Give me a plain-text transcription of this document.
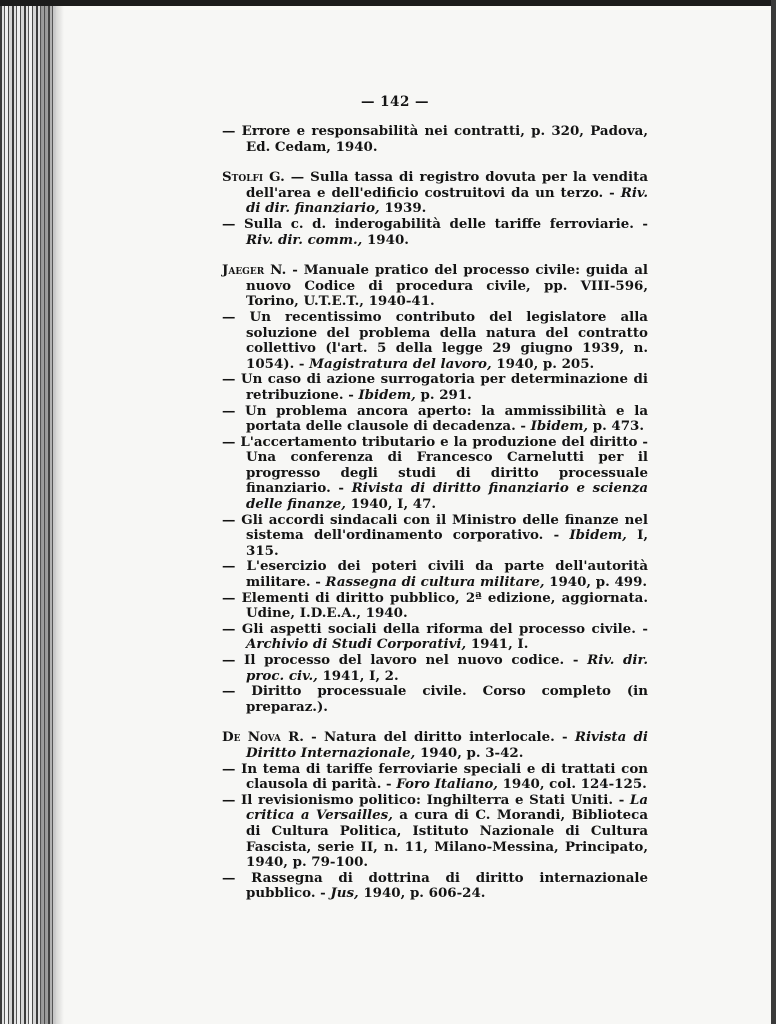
— 142 —

— Errore e responsabilità nei contratti, p. 320, Padova, Ed. Cedam, 1940.

Stolfi G. — Sulla tassa di registro dovuta per la vendita dell'area e dell'edificio costruitovi da un terzo. - Riv. di dir. finanziario, 1939.

— Sulla c. d. inderogabilità delle tariffe ferroviarie. - Riv. dir. comm., 1940.

Jaeger N. - Manuale pratico del processo civile: guida al nuovo Codice di procedura civile, pp. VIII-596, Torino, U.T.E.T., 1940-41.

— Un recentissimo contributo del legislatore alla soluzione del problema della natura del contratto collettivo (l'art. 5 della legge 29 giugno 1939, n. 1054). - Magistratura del lavoro, 1940, p. 205.

— Un caso di azione surrogatoria per determinazione di retribuzione. - Ibidem, p. 291.

— Un problema ancora aperto: la ammissibilità e la portata delle clausole di decadenza. - Ibidem, p. 473.

— L'accertamento tributario e la produzione del diritto - Una conferenza di Francesco Carnelutti per il progresso degli studi di diritto processuale finanziario. - Rivista di diritto finanziario e scienza delle finanze, 1940, I, 47.

— Gli accordi sindacali con il Ministro delle finanze nel sistema dell'ordinamento corporativo. - Ibidem, I, 315.

— L'esercizio dei poteri civili da parte dell'autorità militare. - Rassegna di cultura militare, 1940, p. 499.

— Elementi di diritto pubblico, 2ª edizione, aggiornata. Udine, I.D.E.A., 1940.

— Gli aspetti sociali della riforma del processo civile. - Archivio di Studi Corporativi, 1941, I.

— Il processo del lavoro nel nuovo codice. - Riv. dir. proc. civ., 1941, I, 2.

— Diritto processuale civile. Corso completo (in preparaz.).

De Nova R. - Natura del diritto interlocale. - Rivista di Diritto Internazionale, 1940, p. 3-42.

— In tema di tariffe ferroviarie speciali e di trattati con clausola di parità. - Foro Italiano, 1940, col. 124-125.

— Il revisionismo politico: Inghilterra e Stati Uniti. - La critica a Versailles, a cura di C. Morandi, Biblioteca di Cultura Politica, Istituto Nazionale di Cultura Fascista, serie II, n. 11, Milano-Messina, Principato, 1940, p. 79-100.

— Rassegna di dottrina di diritto internazionale pubblico. - Jus, 1940, p. 606-24.
